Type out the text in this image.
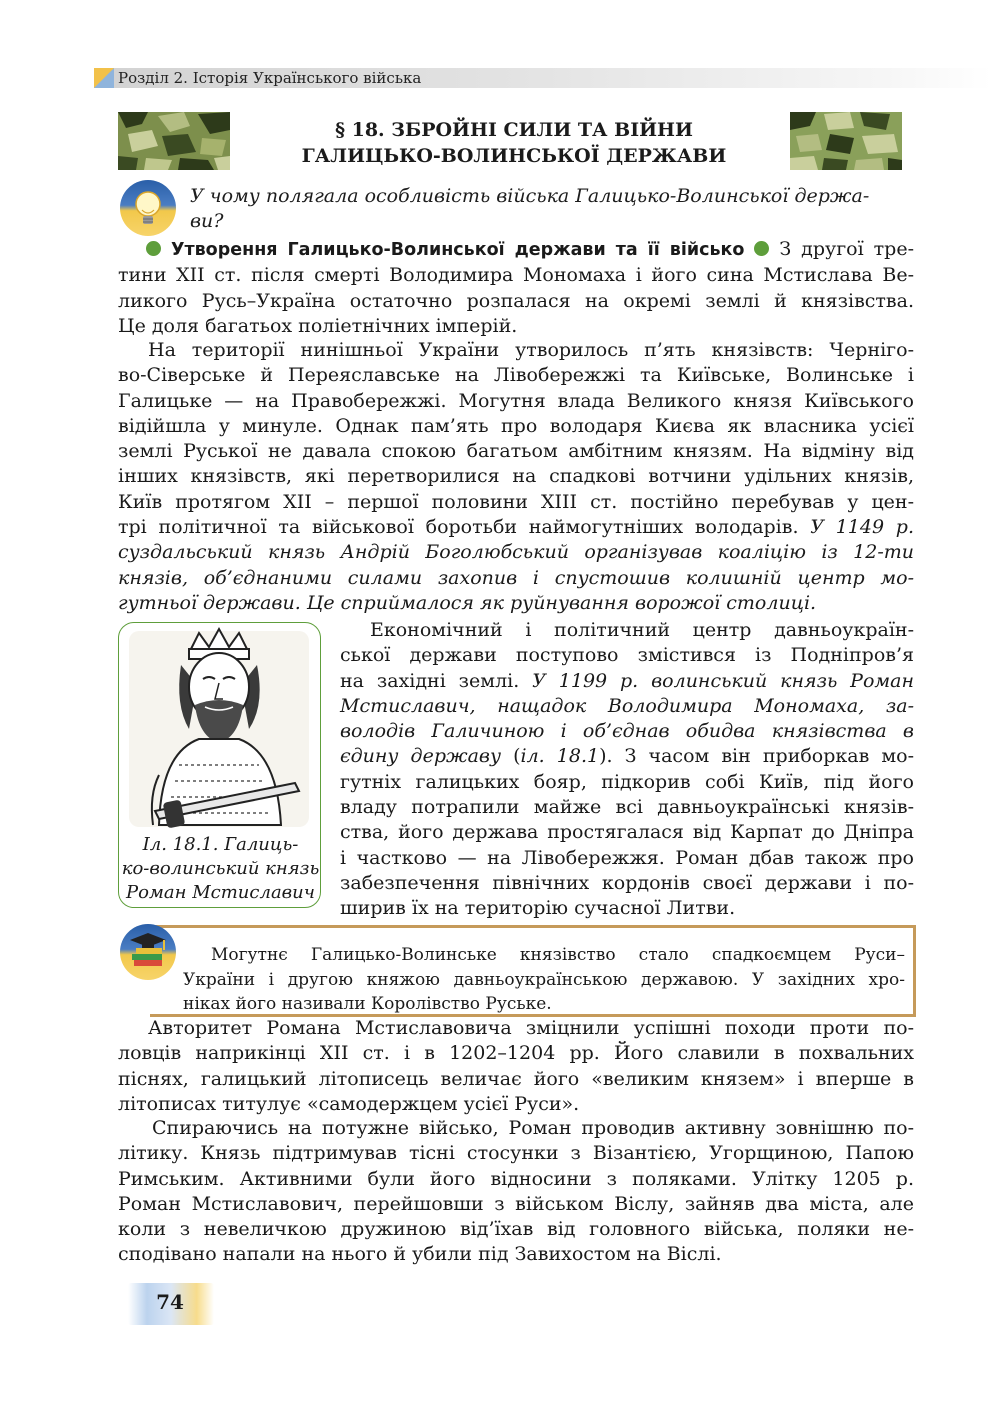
Розділ 2. Історія Українського війська
§ 18. ЗБРОЙНІ СИЛИ ТА ВІЙНИ
ГАЛИЦЬКО-ВОЛИНСЬКОЇ ДЕРЖАВИ

У чому полягала особливість війська Галицько-Волинської держа-

ви?

Утворення Галицько-Волинської держави та її військо З другої тре-

тини XII ст. після смерті Володимира Мономаха і його сина Мстислава Ве-

ликого Русь–Україна остаточно розпалася на окремі землі й князівства.

Це доля багатьох поліетнічних імперій.

На території нинішньої України утворилось п’ять князівств: Черніго-

во-Сіверське й Переяславське на Лівобережжі та Київське, Волинське і

Галицьке — на Правобережжі. Могутня влада Великого князя Київського

відійшла у минуле. Однак пам’ять про володаря Києва як власника усієї

землі Руської не давала спокою багатьом амбітним князям. На відміну від

інших князівств, які перетворилися на спадкові вотчини удільних князів,

Київ протягом XII – першої половини XIII ст. постійно перебував у цен-

трі політичної та військової боротьби наймогутніших володарів. У 1149 р.

суздальський князь Андрій Боголюбський організував коаліцію із 12-ти

князів, об’єднаними силами захопив і спустошив колишній центр мо-

гутньої держави. Це сприймалося як руйнування ворожої столиці.

Іл. 18.1. Галиць-
ко-волинський князь
Роман Мстиславич

Економічний і політичний центр давньоукраїн-

ської держави поступово змістився із Подніпров’я

на західні землі. У 1199 р. волинський князь Роман

Мстиславич, нащадок Володимира Мономаха, за-

володів Галичиною і об’єднав обидва князівства в

єдину державу (іл. 18.1). З часом він приборкав мо-

гутніх галицьких бояр, підкорив собі Київ, під його

владу потрапили майже всі давньоукраїнські князів-

ства, його держава простягалася від Карпат до Дніпра

і частково — на Лівобережжя. Роман дбав також про

забезпечення північних кордонів своєї держави і по-

ширив їх на територію сучасної Литви.

Могутнє Галицько-Волинське князівство стало спадкоємцем Руси–

України і другою княжою давньоукраїнською державою. У західних хро-

ніках його називали Королівство Руське.

Авторитет Романа Мстиславовича зміцнили успішні походи проти по-

ловців наприкінці XII ст. і в 1202–1204 рр. Його славили в похвальних

піснях, галицький літописець величає його «великим князем» і вперше в

літописах титулує «самодержцем усієї Руси».

Спираючись на потужне військо, Роман проводив активну зовнішню по-

літику. Князь підтримував тісні стосунки з Візантією, Угорщиною, Папою

Римським. Активними були його відносини з поляками. Улітку 1205 р.

Роман Мстиславович, перейшовши з військом Віслу, зайняв два міста, але

коли з невеличкою дружиною від’їхав від головного війська, поляки не-

сподівано напали на нього й убили під Завихостом на Віслі.

74
